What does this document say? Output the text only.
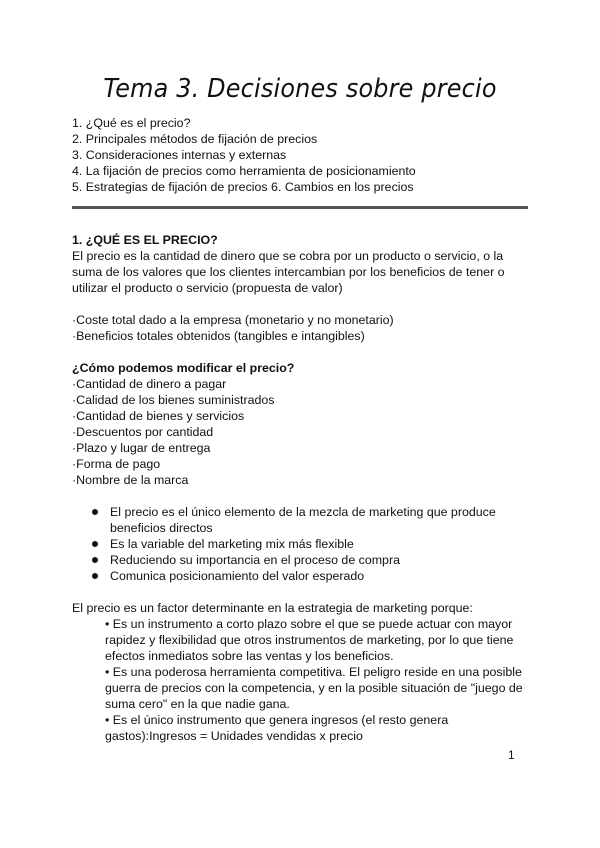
Tema 3. Decisiones sobre precio

1. ¿Qué es el precio?

2. Principales métodos de fijación de precios

3. Consideraciones internas y externas

4. La fijación de precios como herramienta de posicionamiento

5. Estrategias de fijación de precios 6. Cambios en los precios

1. ¿QUÉ ES EL PRECIO?

El precio es la cantidad de dinero que se cobra por un producto o servicio, o la suma de los valores que los clientes intercambian por los beneficios de tener o utilizar el producto o servicio (propuesta de valor)

·Coste total dado a la empresa (monetario y no monetario)

·Beneficios totales obtenidos (tangibles e intangibles)

¿Cómo podemos modificar el precio?

·Cantidad de dinero a pagar

·Calidad de los bienes suministrados

·Cantidad de bienes y servicios

·Descuentos por cantidad

·Plazo y lugar de entrega

·Forma de pago

·Nombre de la marca

El precio es el único elemento de la mezcla de marketing que produce beneficios directos
Es la variable del marketing mix más flexible
Reduciendo su importancia en el proceso de compra
Comunica posicionamiento del valor esperado

El precio es un factor determinante en la estrategia de marketing porque:

• Es un instrumento a corto plazo sobre el que se puede actuar con mayor rapidez y flexibilidad que otros instrumentos de marketing, por lo que tiene efectos inmediatos sobre las ventas y los beneficios.

• Es una poderosa herramienta competitiva. El peligro reside en una posible guerra de precios con la competencia, y en la posible situación de "juego de suma cero" en la que nadie gana.

• Es el único instrumento que genera ingresos (el resto genera gastos):Ingresos = Unidades vendidas x precio

1
